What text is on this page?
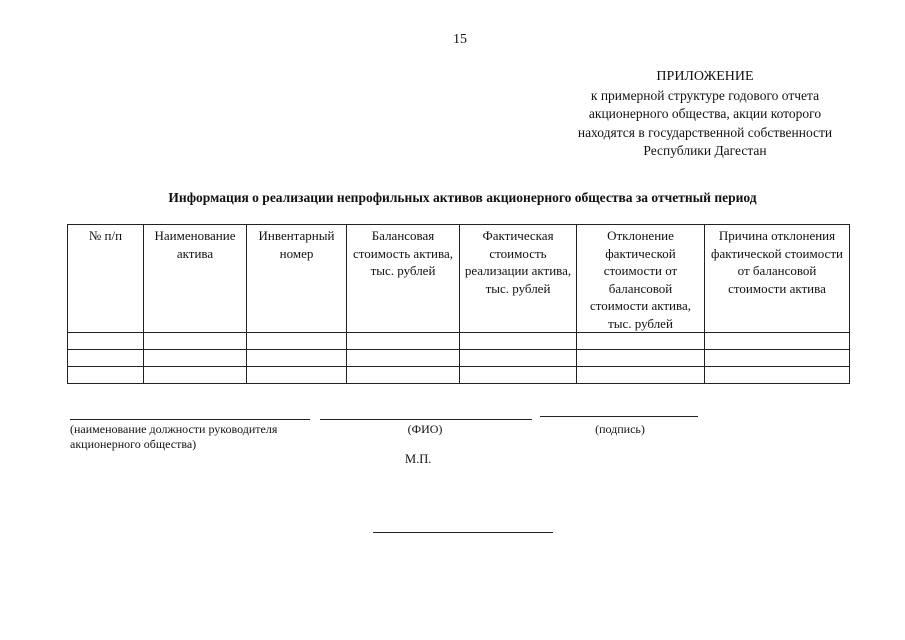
15
ПРИЛОЖЕНИЕ
к примерной структуре годового отчета
акционерного общества, акции которого
находятся в государственной собственности
Республики Дагестан
Информация о реализации непрофильных активов акционерного общества за отчетный период
№ п/п	Наименование актива	Инвентарный номер	Балансовая стоимость актива, тыс. рублей	Фактическая стоимость реализации актива, тыс. рублей	Отклонение фактической стоимости от балансовой стоимости актива, тыс. рублей	Причина отклонения фактической стоимости от балансовой стоимости актива

(наименование должности руководителя акционерного общества)
(ФИО)	(подпись)
М.П.
